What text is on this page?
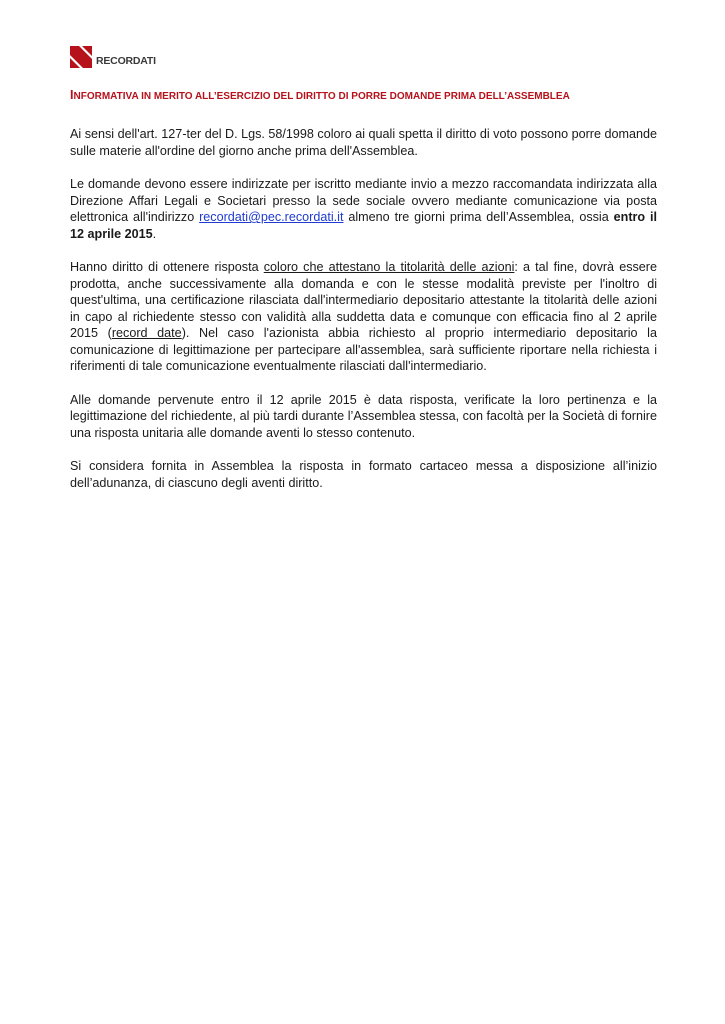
RECORDATI
INFORMATIVA IN MERITO ALL’ESERCIZIO DEL DIRITTO DI PORRE DOMANDE PRIMA DELL’ASSEMBLEA

Ai sensi dell'art. 127-ter del D. Lgs. 58/1998 coloro ai quali spetta il diritto di voto possono porre domande sulle materie all'ordine del giorno anche prima dell'Assemblea.

Le domande devono essere indirizzate per iscritto mediante invio a mezzo raccomandata indirizzata alla Direzione Affari Legali e Societari presso la sede sociale ovvero mediante comunicazione via posta elettronica all'indirizzo recordati@pec.recordati.it almeno tre giorni prima dell’Assemblea, ossia entro il 12 aprile 2015.

Hanno diritto di ottenere risposta coloro che attestano la titolarità delle azioni: a tal fine, dovrà essere prodotta, anche successivamente alla domanda e con le stesse modalità previste per l'inoltro di quest'ultima, una certificazione rilasciata dall'intermediario depositario attestante la titolarità delle azioni in capo al richiedente stesso con validità alla suddetta data e comunque con efficacia fino al 2 aprile 2015 (record date). Nel caso l'azionista abbia richiesto al proprio intermediario depositario la comunicazione di legittimazione per partecipare all'assemblea, sarà sufficiente riportare nella richiesta i riferimenti di tale comunicazione eventualmente rilasciati dall'intermediario.

Alle domande pervenute entro il 12 aprile 2015 è data risposta, verificate la loro pertinenza e la legittimazione del richiedente, al più tardi durante l’Assemblea stessa, con facoltà per la Società di fornire una risposta unitaria alle domande aventi lo stesso contenuto.

Si considera fornita in Assemblea la risposta in formato cartaceo messa a disposizione all’inizio dell’adunanza, di ciascuno degli aventi diritto.
